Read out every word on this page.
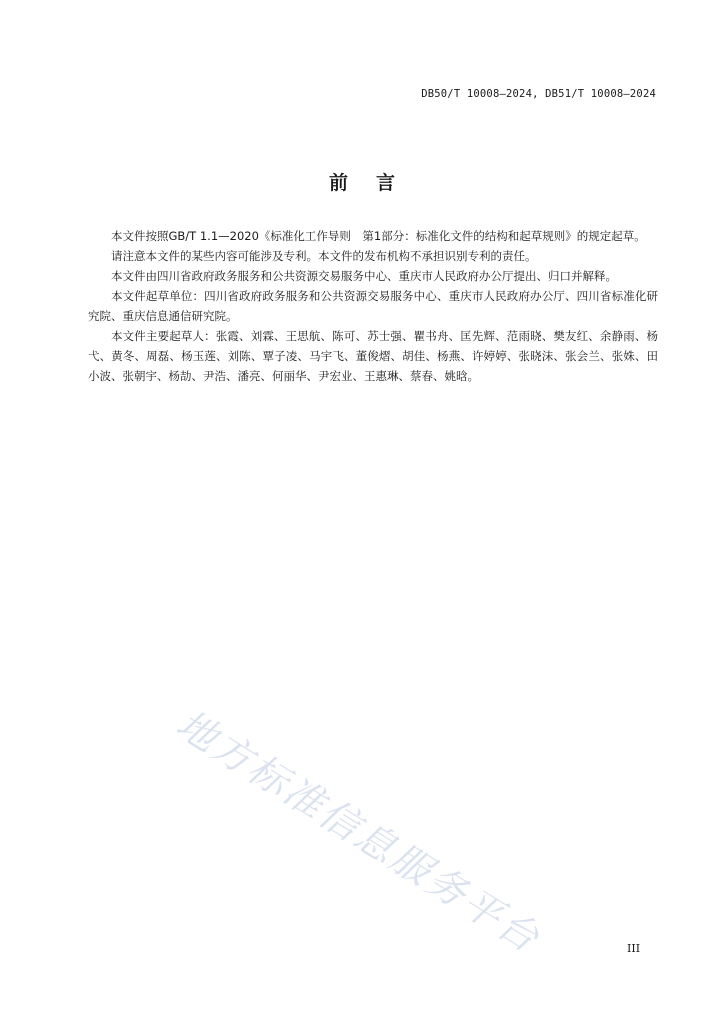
DB50/T 10008—2024, DB51/T 10008—2024
前言

本文件按照GB/T 1.1—2020《标准化工作导则　第1部分：标准化文件的结构和起草规则》的规定起草。

请注意本文件的某些内容可能涉及专利。本文件的发布机构不承担识别专利的责任。

本文件由四川省政府政务服务和公共资源交易服务中心、重庆市人民政府办公厅提出、归口并解释。

本文件起草单位：四川省政府政务服务和公共资源交易服务中心、重庆市人民政府办公厅、四川省标准化研究院、重庆信息通信研究院。

本文件主要起草人：张霞、刘霖、王思航、陈可、苏士强、瞿书舟、匡先辉、范雨晓、樊友红、余静雨、杨弋、黄冬、周磊、杨玉莲、刘陈、覃子凌、马宇飞、董俊熠、胡佳、杨燕、许婷婷、张晓沫、张会兰、张姝、田小波、张朝宇、杨劼、尹浩、潘亮、何丽华、尹宏业、王惠琳、蔡春、姚晗。

地方标准信息服务平台	III
